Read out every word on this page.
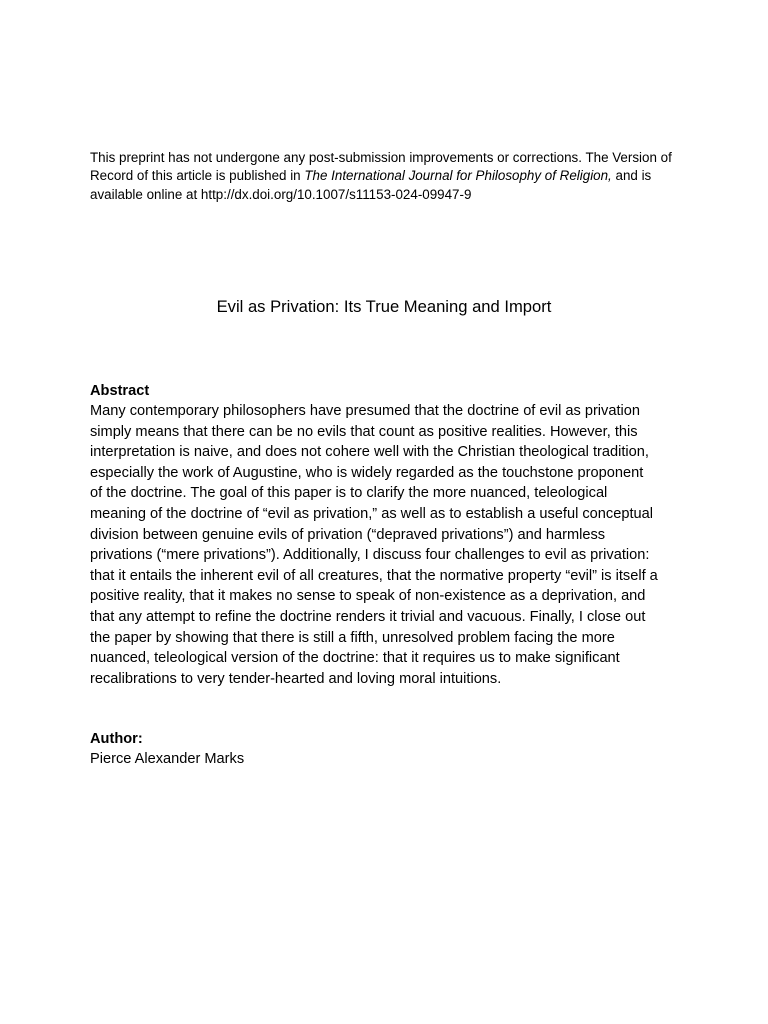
This preprint has not undergone any post-submission improvements or corrections. The Version of Record of this article is published in The International Journal for Philosophy of Religion, and is available online at http://dx.doi.org/10.1007/s11153-024-09947-9

Evil as Privation: Its True Meaning and Import
Abstract
Many contemporary philosophers have presumed that the doctrine of evil as privation
simply means that there can be no evils that count as positive realities. However, this
interpretation is naive, and does not cohere well with the Christian theological tradition,
especially the work of Augustine, who is widely regarded as the touchstone proponent
of the doctrine. The goal of this paper is to clarify the more nuanced, teleological
meaning of the doctrine of “evil as privation,” as well as to establish a useful conceptual
division between genuine evils of privation (“depraved privations”) and harmless
privations (“mere privations”). Additionally, I discuss four challenges to evil as privation:
that it entails the inherent evil of all creatures, that the normative property “evil” is itself a
positive reality, that it makes no sense to speak of non-existence as a deprivation, and
that any attempt to refine the doctrine renders it trivial and vacuous. Finally, I close out
the paper by showing that there is still a fifth, unresolved problem facing the more
nuanced, teleological version of the doctrine: that it requires us to make significant
recalibrations to very tender-hearted and loving moral intuitions.
Author:

Pierce Alexander Marks
